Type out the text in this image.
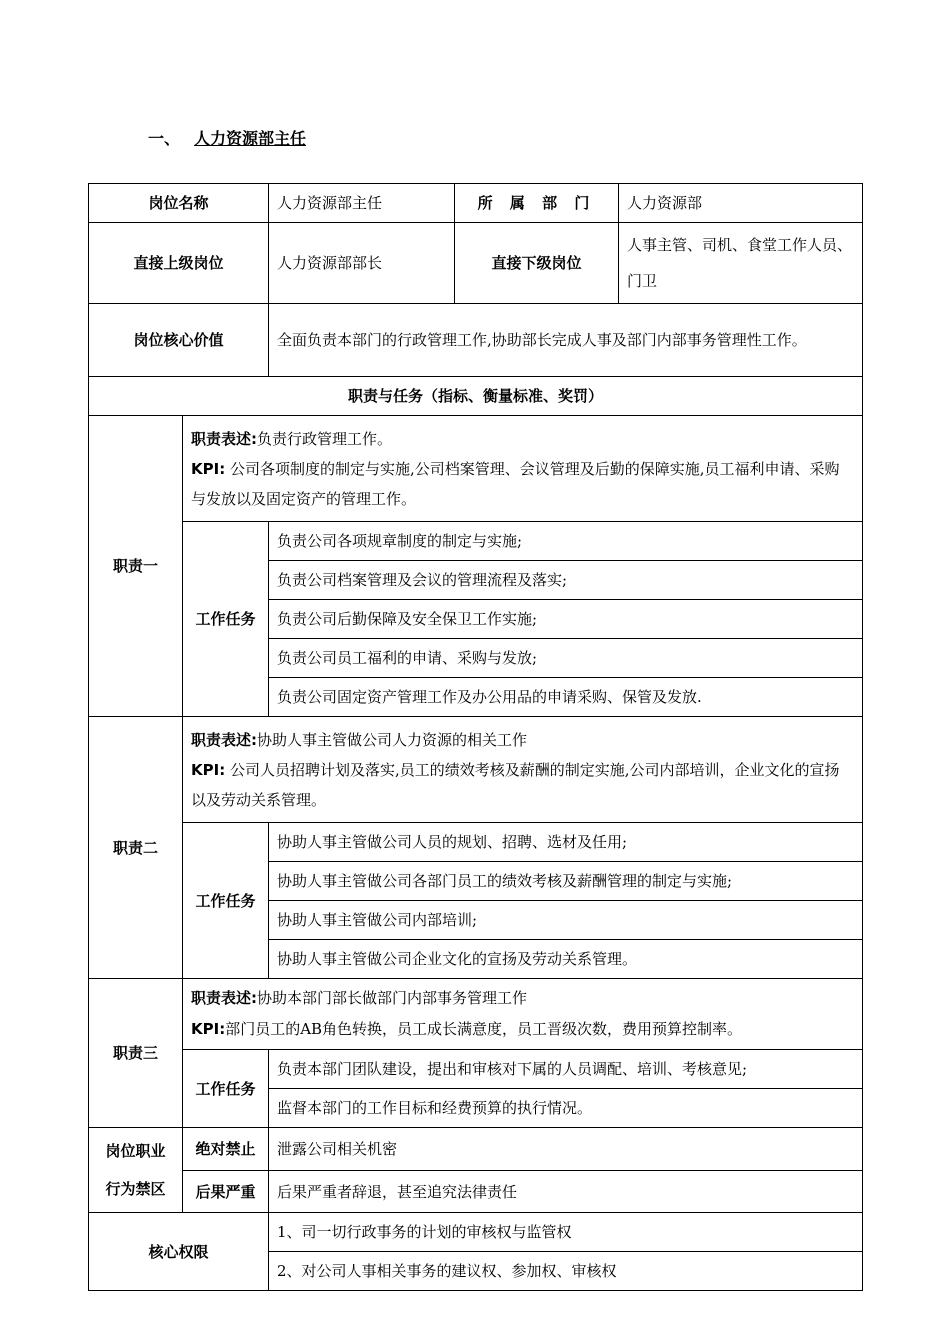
一、 人力资源部主任
岗位名称		人力资源部主任	所 属 部 门	人力资源部
直接上级岗位		人力资源部部长	直接下级岗位	人事主管、司机、食堂工作人员、门卫
岗位核心价值		全面负责本部门的行政管理工作,协助部长完成人事及部门内部事务管理性工作。		
职责与任务（指标、衡量标准、奖罚）				
职责一	职责表述:负责行政管理工作。
KPI: 公司各项制度的制定与实施,公司档案管理、会议管理及后勤的保障实施,员工福利申请、采购与发放以及固定资产的管理工作。			

	工作任务	负责公司各项规章制度的制定与实施;		
		负责公司档案管理及会议的管理流程及落实;		
		负责公司后勤保障及安全保卫工作实施;		
		负责公司员工福利的申请、采购与发放;		
		负责公司固定资产管理工作及办公用品的申请采购、保管及发放.		
职责二	职责表述:协助人事主管做公司人力资源的相关工作
KPI: 公司人员招聘计划及落实,员工的绩效考核及薪酬的制定实施,公司内部培训，企业文化的宣扬以及劳动关系管理。			

	工作任务	协助人事主管做公司人员的规划、招聘、选材及任用;		
		协助人事主管做公司各部门员工的绩效考核及薪酬管理的制定与实施;		
		协助人事主管做公司内部培训;		
		协助人事主管做公司企业文化的宣扬及劳动关系管理。		
职责三	职责表述:协助本部门部长做部门内部事务管理工作
KPI:部门员工的AB角色转换，员工成长满意度，员工晋级次数，费用预算控制率。			

	工作任务	负责本部门团队建设，提出和审核对下属的人员调配、培训、考核意见;		
		监督本部门的工作目标和经费预算的执行情况。		

岗位职业
行为禁区	绝对禁止	泄露公司相关机密		
	后果严重	后果严重者辞退，甚至追究法律责任		
核心权限		1、司一切行政事务的计划的审核权与监管权		
		2、对公司人事相关事务的建议权、参加权、审核权		
